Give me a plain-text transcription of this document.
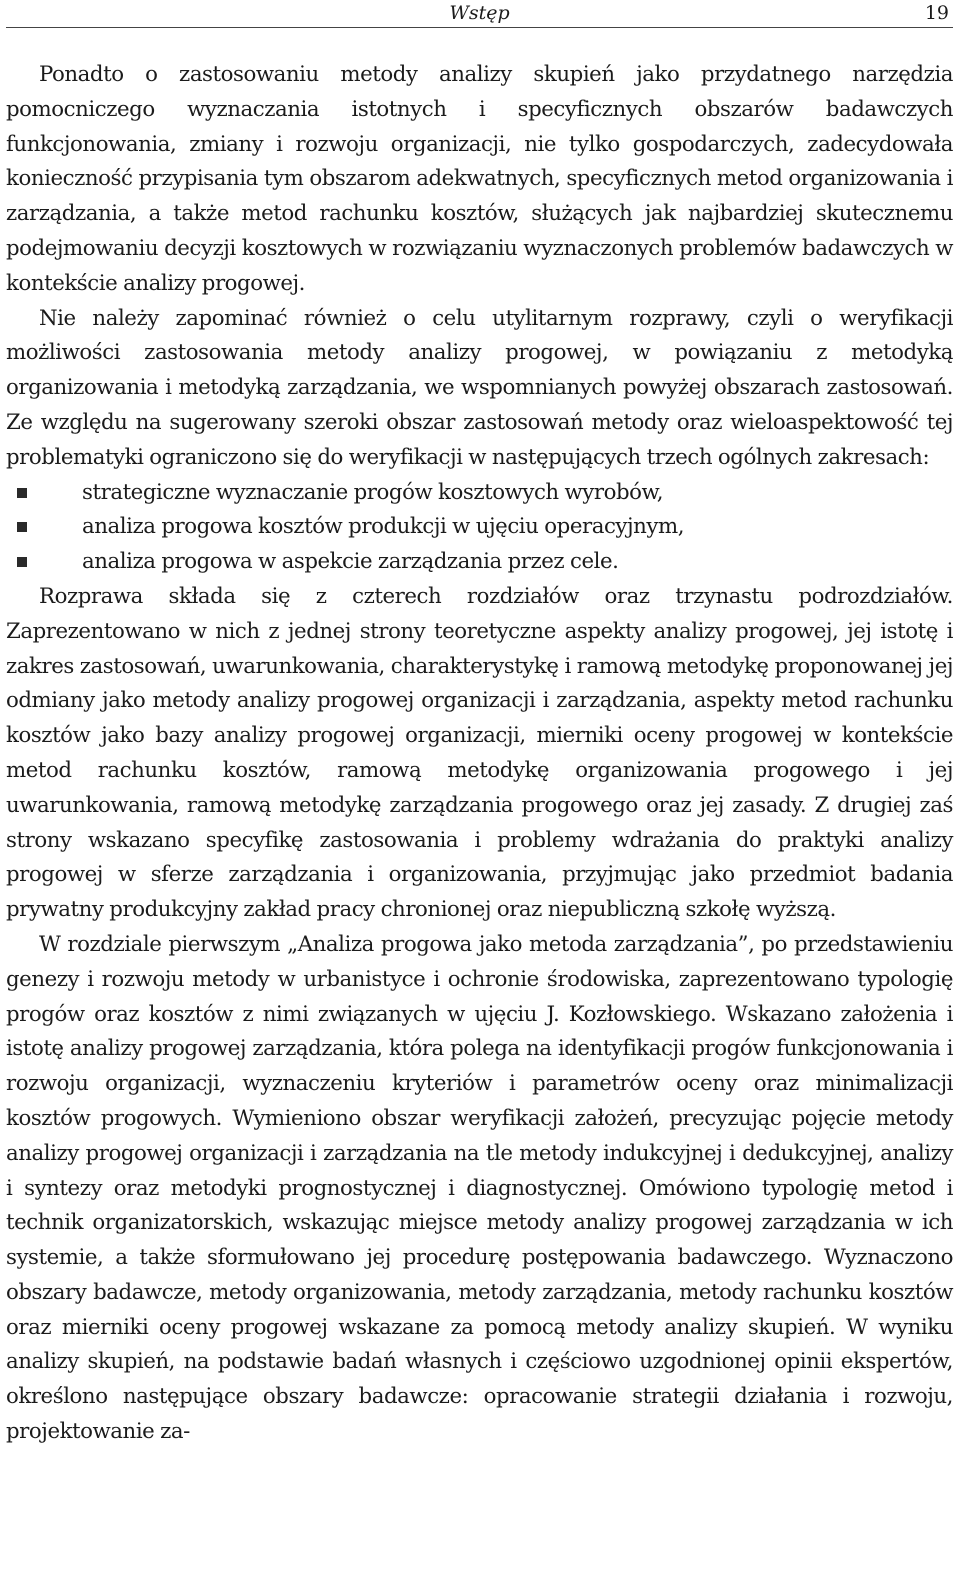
Wstęp	19

Ponadto o zastosowaniu metody analizy skupień jako przydatnego narzędzia pomocniczego wyznaczania istotnych i specyficznych obszarów badawczych funkcjonowania, zmiany i rozwoju organizacji, nie tylko gospodarczych, zadecydowała konieczność przypisania tym obszarom adekwatnych, specyficznych metod organizowania i zarządzania, a także metod rachunku kosztów, służących jak najbardziej skutecznemu podejmowaniu decyzji kosztowych w rozwiązaniu wyznaczonych problemów badawczych w kontekście analizy progowej.

Nie należy zapominać również o celu utylitarnym rozprawy, czyli o weryfikacji możliwości zastosowania metody analizy progowej, w powiązaniu z metodyką organizowania i metodyką zarządzania, we wspomnianych powyżej obszarach zastosowań. Ze względu na sugerowany szeroki obszar zastosowań metody oraz wieloaspektowość tej problematyki ograniczono się do weryfikacji w następujących trzech ogólnych zakresach:

strategiczne wyznaczanie progów kosztowych wyrobów,
analiza progowa kosztów produkcji w ujęciu operacyjnym,
analiza progowa w aspekcie zarządzania przez cele.

Rozprawa składa się z czterech rozdziałów oraz trzynastu podrozdziałów. Zaprezentowano w nich z jednej strony teoretyczne aspekty analizy progowej, jej istotę i zakres zastosowań, uwarunkowania, charakterystykę i ramową metodykę proponowanej jej odmiany jako metody analizy progowej organizacji i zarządzania, aspekty metod rachunku kosztów jako bazy analizy progowej organizacji, mierniki oceny progowej w kontekście metod rachunku kosztów, ramową metodykę organizowania progowego i jej uwarunkowania, ramową metodykę zarządzania progowego oraz jej zasady. Z drugiej zaś strony wskazano specyfikę zastosowania i problemy wdrażania do praktyki analizy progowej w sferze zarządzania i organizowania, przyjmując jako przedmiot badania prywatny produkcyjny zakład pracy chronionej oraz niepubliczną szkołę wyższą.

W rozdziale pierwszym „Analiza progowa jako metoda zarządzania”, po przedstawieniu genezy i rozwoju metody w urbanistyce i ochronie środowiska, zaprezentowano typologię progów oraz kosztów z nimi związanych w ujęciu J. Kozłowskiego. Wskazano założenia i istotę analizy progowej zarządzania, która polega na identyfikacji progów funkcjonowania i rozwoju organizacji, wyznaczeniu kryteriów i parametrów oceny oraz minimalizacji kosztów progowych. Wymieniono obszar weryfikacji założeń, precyzując pojęcie metody analizy progowej organizacji i zarządzania na tle metody indukcyjnej i dedukcyjnej, analizy i syntezy oraz metodyki prognostycznej i diagnostycznej. Omówiono typologię metod i technik organizatorskich, wskazując miejsce metody analizy progowej zarządzania w ich systemie, a także sformułowano jej procedurę postępowania badawczego. Wyznaczono obszary badawcze, metody organizowania, metody zarządzania, metody rachunku kosztów oraz mierniki oceny progowej wskazane za pomocą metody analizy skupień. W wyniku analizy skupień, na podstawie badań własnych i częściowo uzgodnionej opinii ekspertów, określono następujące obszary badawcze: opracowanie strategii działania i rozwoju, projektowanie za-
